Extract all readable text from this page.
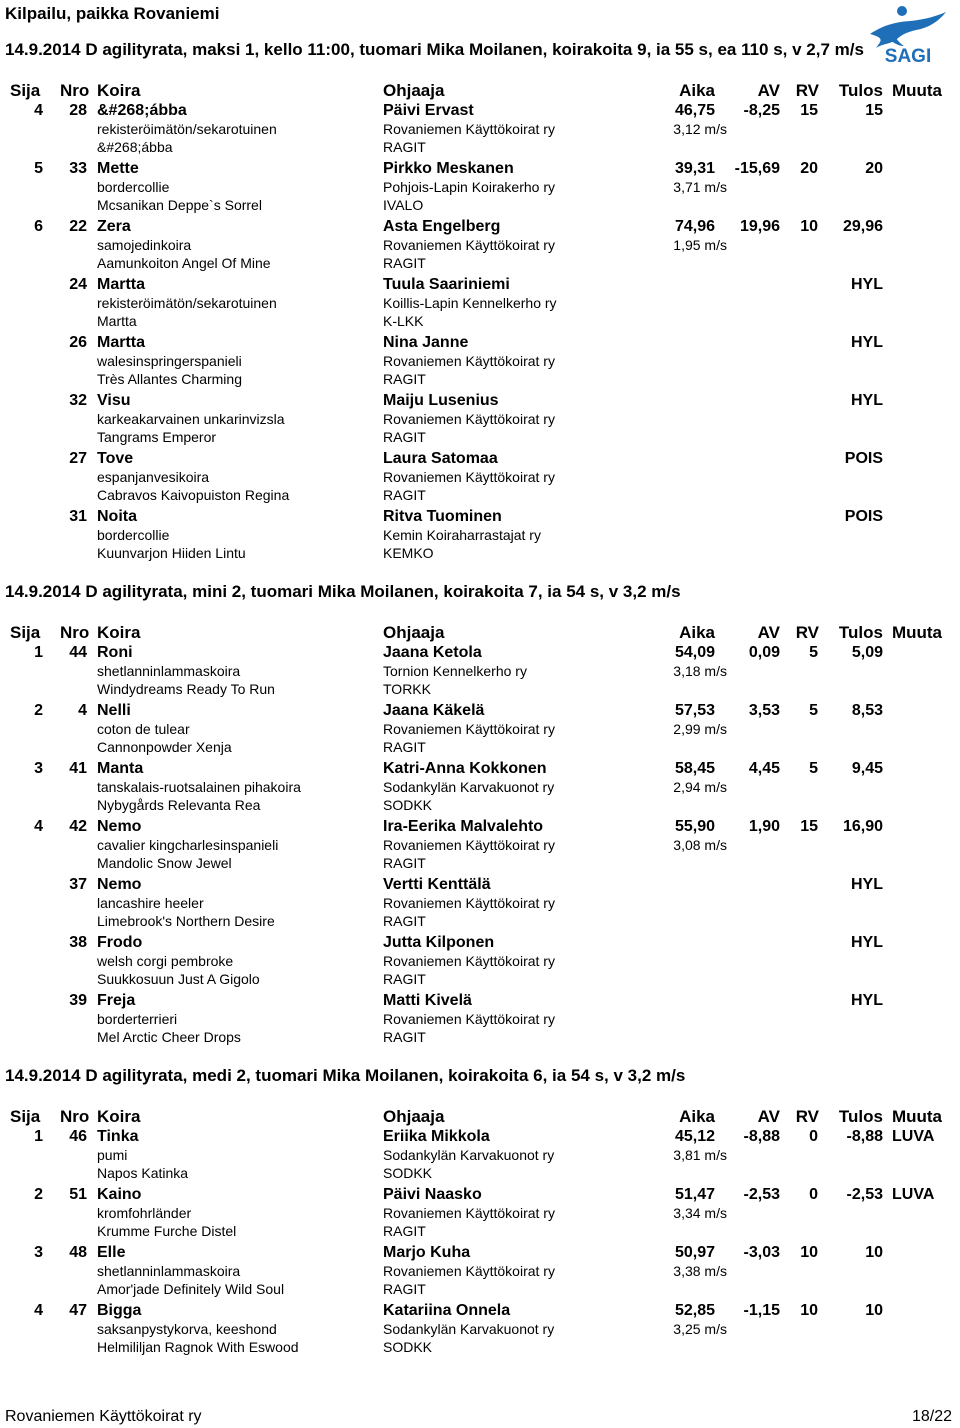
Kilpailu, paikka Rovaniemi
SAGI
14.9.2014 D agilityrata, maksi 1, kello 11:00, tuomari Mika Moilanen, koirakoita 9, ia 55 s, ea 110 s, v 2,7 m/s
Sija	Nro Koira	Ohjaaja	Aika	AV RV	Tulos Muuta
4	28 &#268;ábba	Päivi Ervast	46,75	-8,25	15	15
rekisteröimätön/sekarotuinen	Rovaniemen Käyttökoirat ry	3,12 m/s
&#268;ábba	RAGIT
5	33 Mette	Pirkko Meskanen	39,31	-15,69	20	20
bordercollie	Pohjois-Lapin Koirakerho ry	3,71 m/s
Mcsanikan Deppe`s Sorrel	IVALO
6	22 Zera	Asta Engelberg	74,96	19,96	10	29,96
samojedinkoira	Rovaniemen Käyttökoirat ry	1,95 m/s
Aamunkoiton Angel Of Mine	RAGIT
24 Martta	Tuula Saariniemi	HYL
rekisteröimätön/sekarotuinen	Koillis-Lapin Kennelkerho ry
Martta	K-LKK
26 Martta	Nina Janne	HYL
walesinspringerspanieli	Rovaniemen Käyttökoirat ry
Très Allantes Charming	RAGIT
32 Visu	Maiju Lusenius	HYL
karkeakarvainen unkarinvizsla	Rovaniemen Käyttökoirat ry
Tangrams Emperor	RAGIT
27 Tove	Laura Satomaa	POIS
espanjanvesikoira	Rovaniemen Käyttökoirat ry
Cabravos Kaivopuiston Regina	RAGIT
31 Noita	Ritva Tuominen	POIS
bordercollie	Kemin Koiraharrastajat ry
Kuunvarjon Hiiden Lintu	KEMKO
14.9.2014 D agilityrata, mini 2, tuomari Mika Moilanen, koirakoita 7, ia 54 s, v 3,2 m/s
Sija	Nro Koira	Ohjaaja	Aika	AV RV	Tulos Muuta
1	44 Roni	Jaana Ketola	54,09	0,09	5	5,09
shetlanninlammaskoira	Tornion Kennelkerho ry	3,18 m/s
Windydreams Ready To Run	TORKK
2	4 Nelli	Jaana Käkelä	57,53	3,53	5	8,53
coton de tulear	Rovaniemen Käyttökoirat ry	2,99 m/s
Cannonpowder Xenja	RAGIT
3	41 Manta	Katri-Anna Kokkonen	58,45	4,45	5	9,45
tanskalais-ruotsalainen pihakoira	Sodankylän Karvakuonot ry	2,94 m/s
Nybygårds Relevanta Rea	SODKK
4	42 Nemo	Ira-Eerika Malvalehto	55,90	1,90	15	16,90
cavalier kingcharlesinspanieli	Rovaniemen Käyttökoirat ry	3,08 m/s
Mandolic Snow Jewel	RAGIT
37 Nemo	Vertti Kenttälä	HYL
lancashire heeler	Rovaniemen Käyttökoirat ry
Limebrook's Northern Desire	RAGIT
38 Frodo	Jutta Kilponen	HYL
welsh corgi pembroke	Rovaniemen Käyttökoirat ry
Suukkosuun Just A Gigolo	RAGIT
39 Freja	Matti Kivelä	HYL
borderterrieri	Rovaniemen Käyttökoirat ry
Mel Arctic Cheer Drops	RAGIT
14.9.2014 D agilityrata, medi 2, tuomari Mika Moilanen, koirakoita 6, ia 54 s, v 3,2 m/s
Sija	Nro Koira	Ohjaaja	Aika	AV RV	Tulos Muuta
1	46 Tinka	Eriika Mikkola	45,12	-8,88	0	-8,88 LUVA
pumi	Sodankylän Karvakuonot ry	3,81 m/s
Napos Katinka	SODKK
2	51 Kaino	Päivi Naasko	51,47	-2,53	0	-2,53 LUVA
kromfohrländer	Rovaniemen Käyttökoirat ry	3,34 m/s
Krumme Furche Distel	RAGIT
3	48 Elle	Marjo Kuha	50,97	-3,03	10	10
shetlanninlammaskoira	Rovaniemen Käyttökoirat ry	3,38 m/s
Amor'jade Definitely Wild Soul	RAGIT
4	47 Bigga	Katariina Onnela	52,85	-1,15	10	10
saksanpystykorva, keeshond	Sodankylän Karvakuonot ry	3,25 m/s
Helmililjan Ragnok With Eswood	SODKK
Rovaniemen Käyttökoirat ry	18/22
